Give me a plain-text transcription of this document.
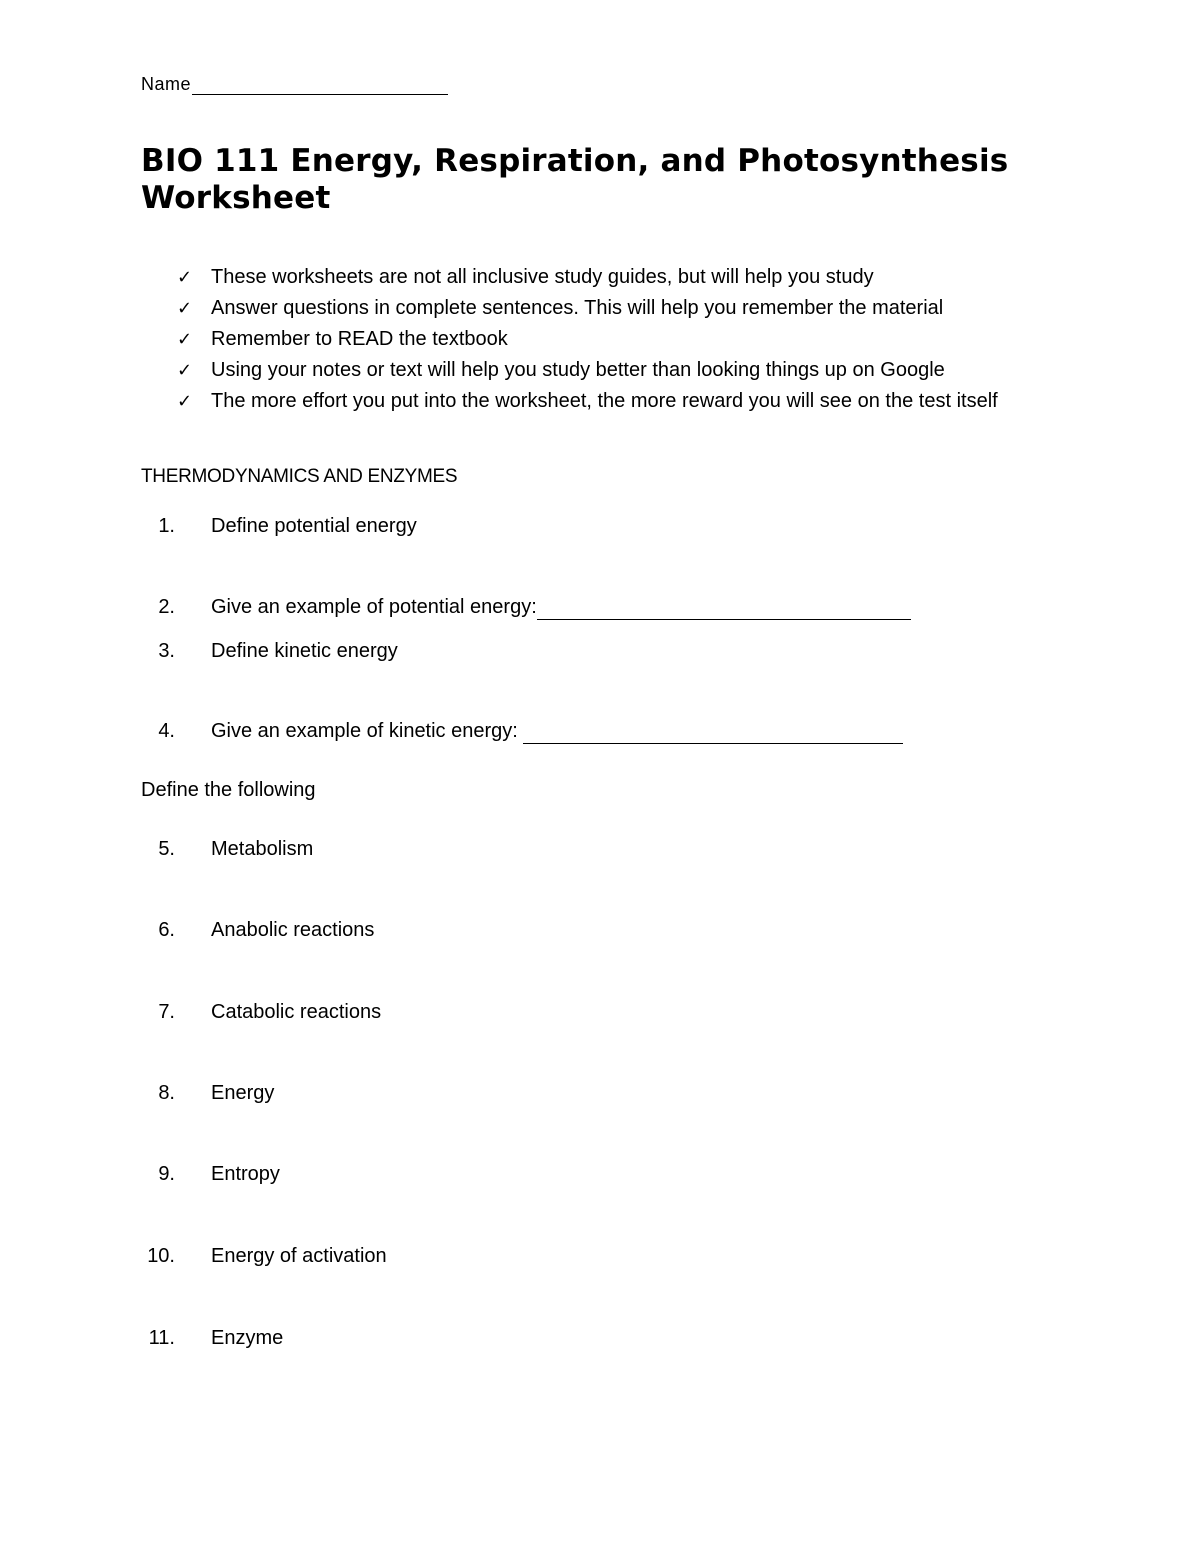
Name
BIO 111 Energy, Respiration, and Photosynthesis Worksheet
✓ These worksheets are not all inclusive study guides, but will help you study
✓ Answer questions in complete sentences. This will help you remember the material
✓ Remember to READ the textbook
✓ Using your notes or text will help you study better than looking things up on Google
✓ The more effort you put into the worksheet, the more reward you will see on the test itself
THERMODYNAMICS AND ENZYMES
1. Define potential energy
2. Give an example of potential energy:
3. Define kinetic energy
4. Give an example of kinetic energy:
Define the following
5. Metabolism
6. Anabolic reactions
7. Catabolic reactions
8. Energy
9. Entropy
10. Energy of activation
11. Enzyme
